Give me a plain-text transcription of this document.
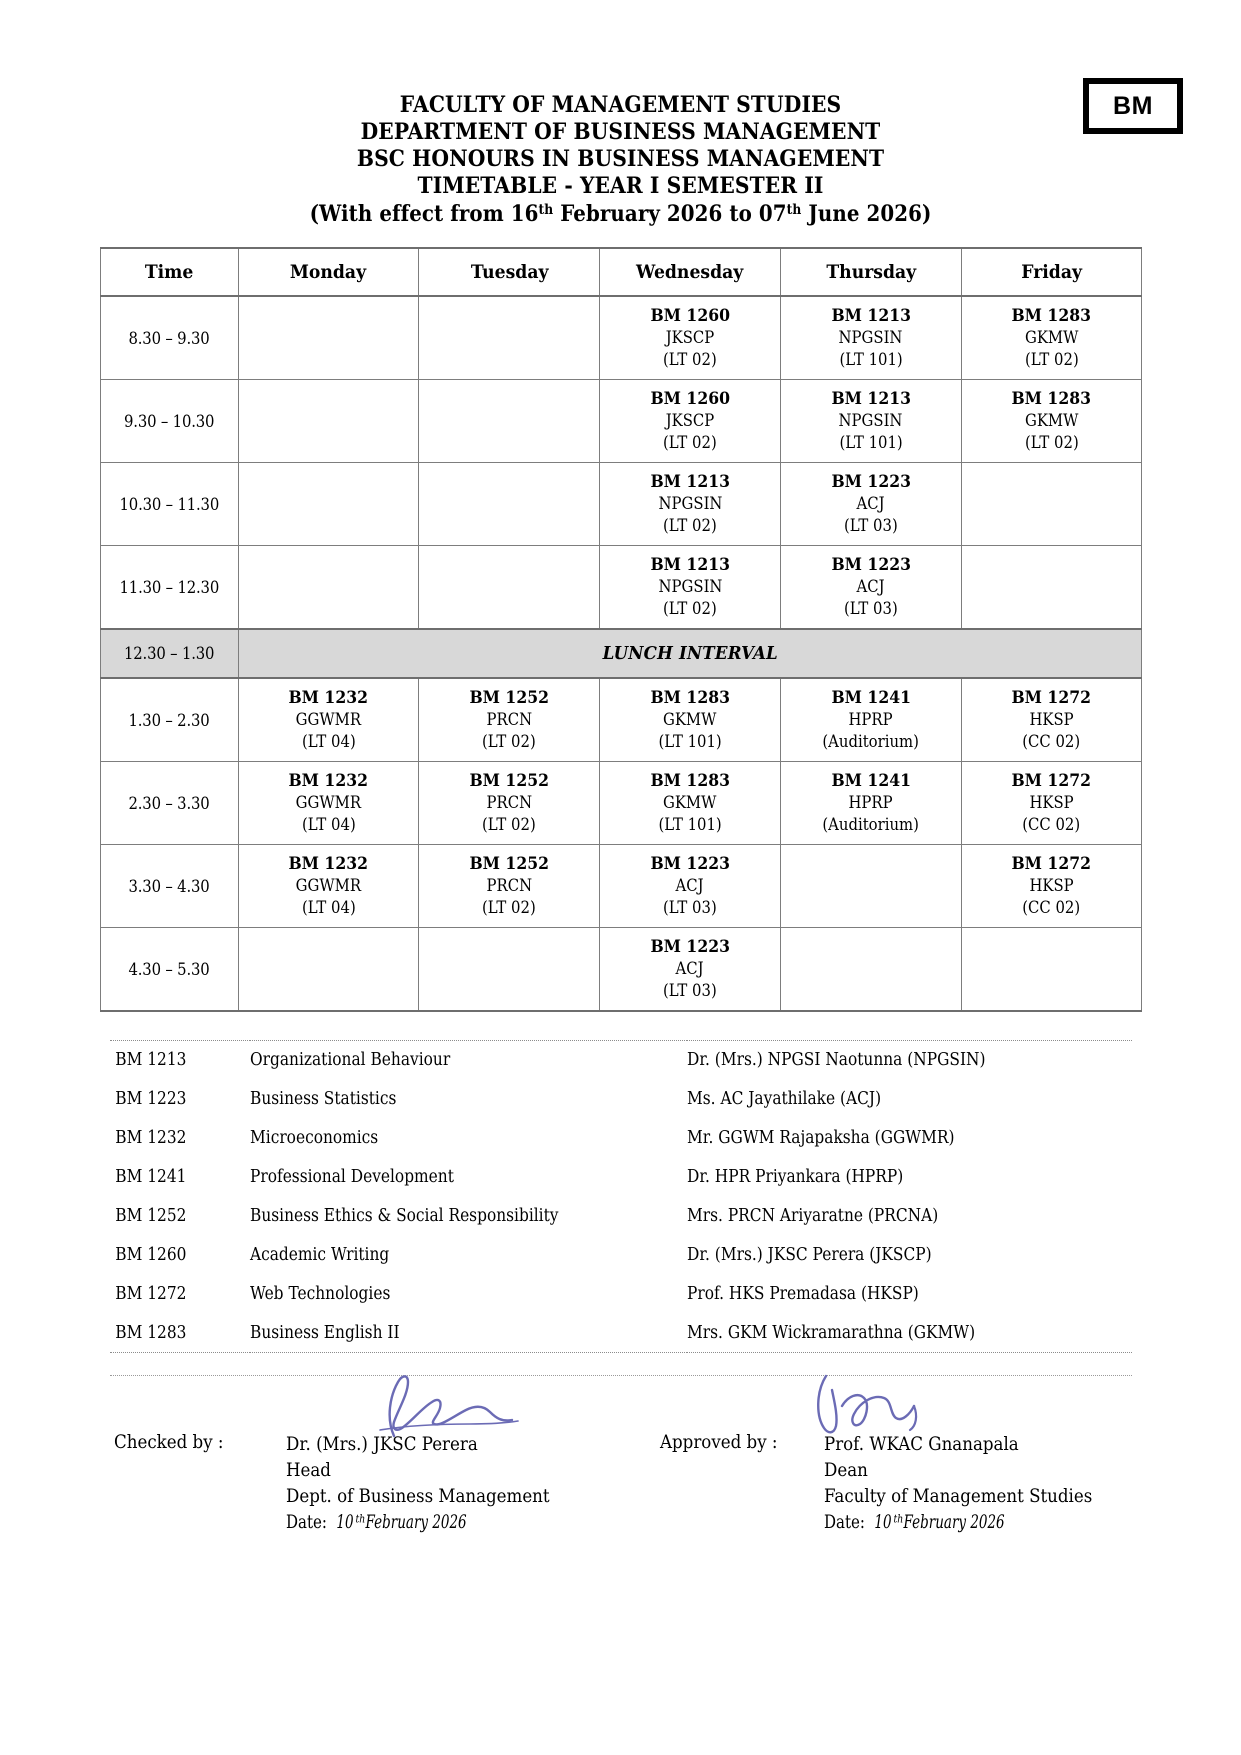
FACULTY OF MANAGEMENT STUDIES
DEPARTMENT OF BUSINESS MANAGEMENT
BSC HONOURS IN BUSINESS MANAGEMENT
TIMETABLE - YEAR I SEMESTER II
(With effect from 16th February 2026 to 07th June 2026)
BM
Time	Monday	Tuesday	Wednesday	Thursday	Friday
8.30 – 9.30			BM 1260
JKSCP
(LT 02)	BM 1213
NPGSIN
(LT 101)	BM 1283
GKMW
(LT 02)

9.30 – 10.30			BM 1260
JKSCP
(LT 02)	BM 1213
NPGSIN
(LT 101)	BM 1283
GKMW
(LT 02)

10.30 – 11.30			BM 1213
NPGSIN
(LT 02)	BM 1223
ACJ
(LT 03)	

11.30 – 12.30			BM 1213
NPGSIN
(LT 02)	BM 1223
ACJ
(LT 03)	

12.30 – 1.30	LUNCH INTERVAL				
1.30 – 2.30	BM 1232
GGWMR
(LT 04)	BM 1252
PRCN
(LT 02)	BM 1283
GKMW
(LT 101)	BM 1241
HPRP
(Auditorium)	BM 1272
HKSP
(CC 02)

2.30 – 3.30	BM 1232
GGWMR
(LT 04)	BM 1252
PRCN
(LT 02)	BM 1283
GKMW
(LT 101)	BM 1241
HPRP
(Auditorium)	BM 1272
HKSP
(CC 02)

3.30 – 4.30	BM 1232
GGWMR
(LT 04)	BM 1252
PRCN
(LT 02)	BM 1223
ACJ
(LT 03)		BM 1272
HKSP
(CC 02)

4.30 – 5.30			BM 1223
ACJ
(LT 03)		

BM 1213	Organizational Behaviour	Dr. (Mrs.) NPGSI Naotunna (NPGSIN)
BM 1223	Business Statistics	Ms. AC Jayathilake (ACJ)
BM 1232	Microeconomics	Mr. GGWM Rajapaksha (GGWMR)
BM 1241	Professional Development	Dr. HPR Priyankara (HPRP)
BM 1252	Business Ethics & Social Responsibility	Mrs. PRCN Ariyaratne (PRCNA)
BM 1260	Academic Writing	Dr. (Mrs.) JKSC Perera (JKSCP)
BM 1272	Web Technologies	Prof. HKS Premadasa (HKSP)
BM 1283	Business English II	Mrs. GKM Wickramarathna (GKMW)
Checked by :	Dr. (Mrs.) JKSC Perera
Head
Dept. of Business Management
Date: 10 $^{th}$February 2026
Approved by :	Prof. WKAC Gnanapala
Dean
Faculty of Management Studies
Date: 10 $^{th}$February 2026
